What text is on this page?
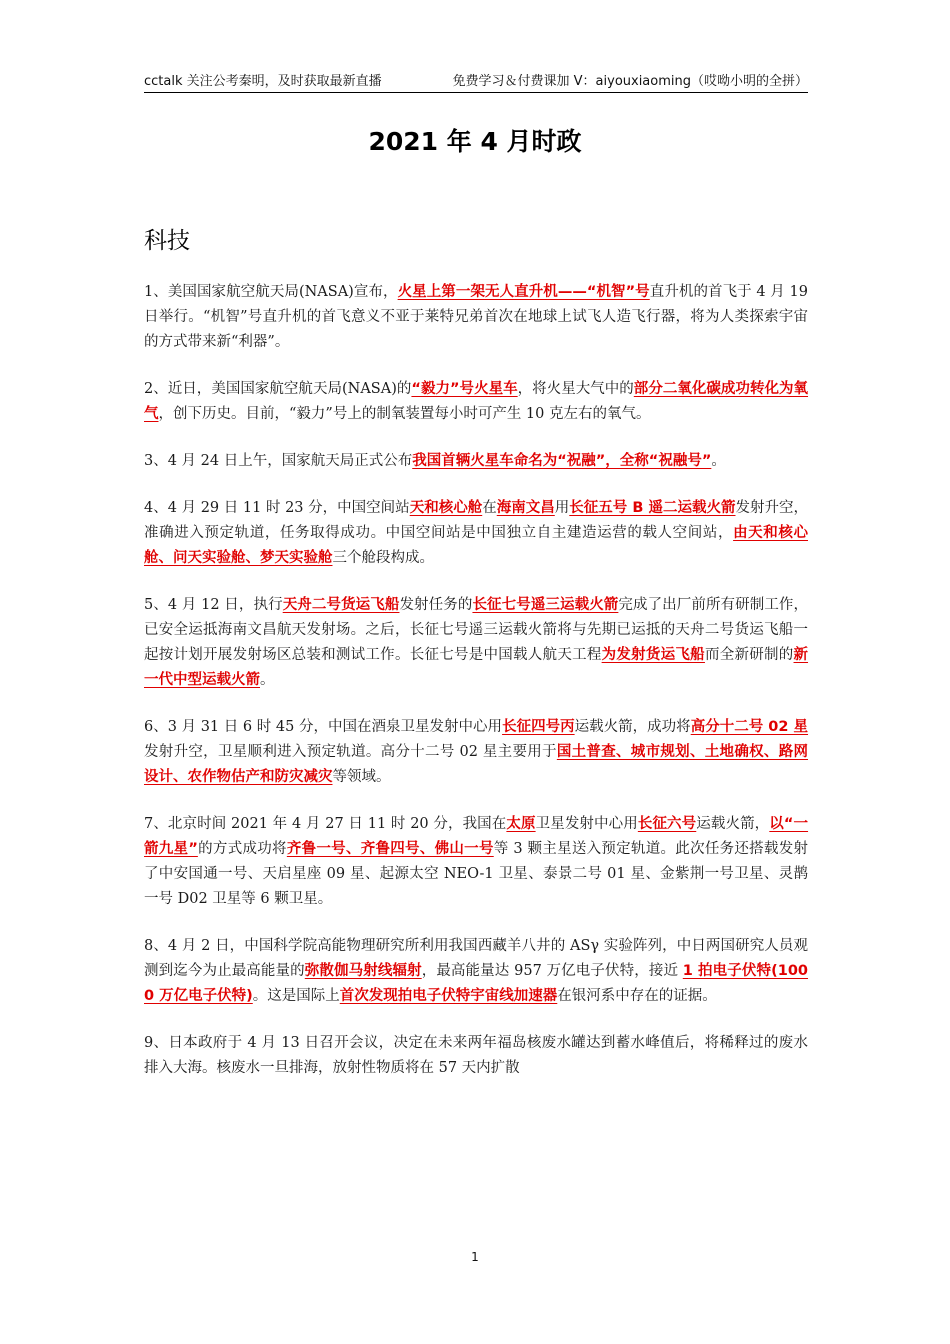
cctalk 关注公考秦明，及时获取最新直播	免费学习＆付费课加 V：aiyouxiaoming（哎呦小明的全拼）
2021 年 4 月时政
科技

1、美国国家航空航天局(NASA)宣布，火星上第一架无人直升机——“机智”号直升机的首飞于 4 月 19 日举行。“机智”号直升机的首飞意义不亚于莱特兄弟首次在地球上试飞人造飞行器，将为人类探索宇宙的方式带来新“利器”。

2、近日，美国国家航空航天局(NASA)的“毅力”号火星车，将火星大气中的部分二氧化碳成功转化为氧气，创下历史。目前，“毅力”号上的制氧装置每小时可产生 10 克左右的氧气。

3、4 月 24 日上午，国家航天局正式公布我国首辆火星车命名为“祝融”，全称“祝融号”。

4、4 月 29 日 11 时 23 分，中国空间站天和核心舱在海南文昌用长征五号 B 遥二运载火箭发射升空，准确进入预定轨道，任务取得成功。中国空间站是中国独立自主建造运营的载人空间站，由天和核心舱、问天实验舱、梦天实验舱三个舱段构成。

5、4 月 12 日，执行天舟二号货运飞船发射任务的长征七号遥三运载火箭完成了出厂前所有研制工作，已安全运抵海南文昌航天发射场。之后，长征七号遥三运载火箭将与先期已运抵的天舟二号货运飞船一起按计划开展发射场区总装和测试工作。长征七号是中国载人航天工程为发射货运飞船而全新研制的新一代中型运载火箭。

6、3 月 31 日 6 时 45 分，中国在酒泉卫星发射中心用长征四号丙运载火箭，成功将高分十二号 02 星发射升空，卫星顺利进入预定轨道。高分十二号 02 星主要用于国土普查、城市规划、土地确权、路网设计、农作物估产和防灾减灾等领域。

7、北京时间 2021 年 4 月 27 日 11 时 20 分，我国在太原卫星发射中心用长征六号运载火箭，以“一箭九星”的方式成功将齐鲁一号、齐鲁四号、佛山一号等 3 颗主星送入预定轨道。此次任务还搭载发射了中安国通一号、天启星座 09 星、起源太空 NEO-1 卫星、泰景二号 01 星、金紫荆一号卫星、灵鹊一号 D02 卫星等 6 颗卫星。

8、4 月 2 日，中国科学院高能物理研究所利用我国西藏羊八井的 ASγ 实验阵列，中日两国研究人员观测到迄今为止最高能量的弥散伽马射线辐射，最高能量达 957 万亿电子伏特，接近 1 拍电子伏特(1000 万亿电子伏特)。这是国际上首次发现拍电子伏特宇宙线加速器在银河系中存在的证据。

9、日本政府于 4 月 13 日召开会议，决定在未来两年福岛核废水罐达到蓄水峰值后，将稀释过的废水排入大海。核废水一旦排海，放射性物质将在 57 天内扩散

1
